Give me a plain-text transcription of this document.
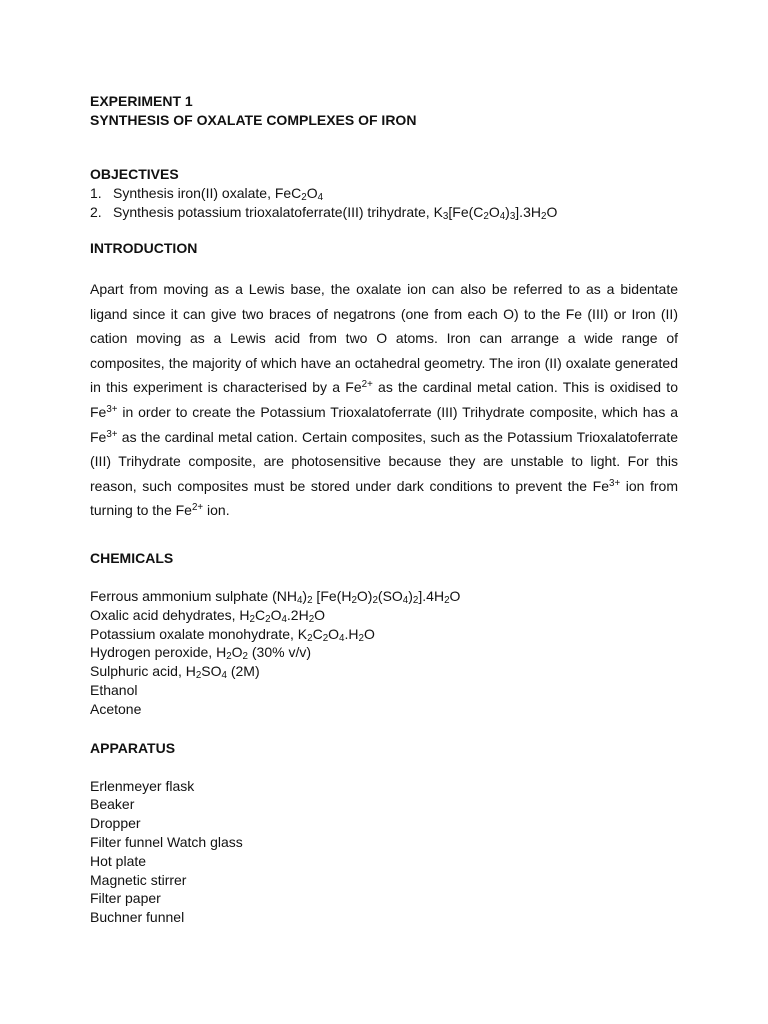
EXPERIMENT 1

SYNTHESIS OF OXALATE COMPLEXES OF IRON

OBJECTIVES

1. Synthesis iron(II) oxalate, $FeC_2O_4$
2. Synthesis potassium trioxalatoferrate(III) trihydrate, $K_3[Fe(C_2O_4)_3].3H_2O$

INTRODUCTION

Apart from moving as a Lewis base, the oxalate ion can also be referred to as a bidentate ligand since it can give two braces of negatrons (one from each O) to the Fe (III) or Iron (II) cation moving as a Lewis acid from two O atoms. Iron can arrange a wide range of composites, the majority of which have an octahedral geometry. The iron (II) oxalate generated in this experiment is characterised by a $Fe^{2+}$ as the cardinal metal cation. This is oxidised to $Fe^{3+}$ in order to create the Potassium Trioxalatoferrate (III) Trihydrate composite, which has a $Fe^{3+}$ as the cardinal metal cation. Certain composites, such as the Potassium Trioxalatoferrate (III) Trihydrate composite, are photosensitive because they are unstable to light. For this reason, such composites must be stored under dark conditions to prevent the $Fe^{3+}$ ion from turning to the $Fe^{2+}$ ion.

CHEMICALS

Ferrous ammonium sulphate $(NH_4)_2$ $[Fe(H_2O)_2(SO_4)_2].4H_2O$
Oxalic acid dehydrates, $H_2C_2O_4.2H_2O$
Potassium oxalate monohydrate, $K_2C_2O_4.H_2O$
Hydrogen peroxide, $H_2O_2$ (30% v/v)
Sulphuric acid, $H_2SO_4$ (2M)
Ethanol
Acetone

APPARATUS

Erlenmeyer flask
Beaker
Dropper
Filter funnel Watch glass
Hot plate
Magnetic stirrer
Filter paper
Buchner funnel
